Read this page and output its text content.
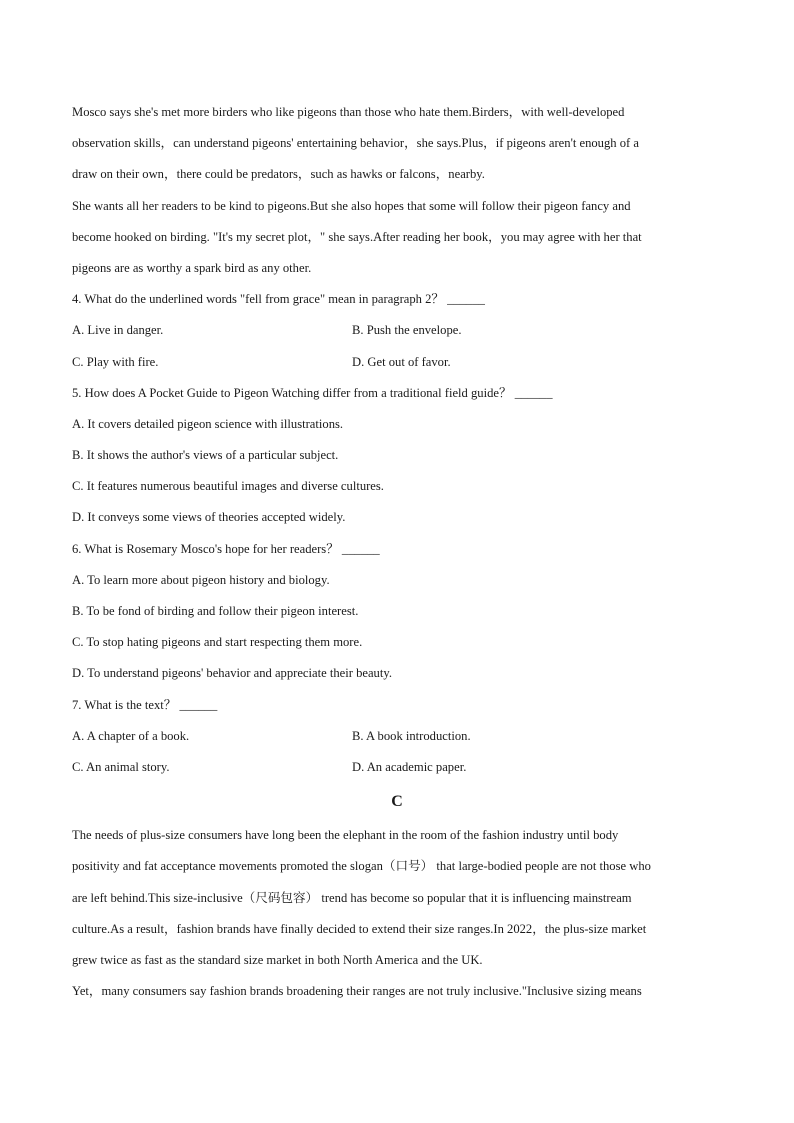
Mosco says she's met more birders who like pigeons than those who hate them.Birders，with well-developed
observation skills，can understand pigeons' entertaining behavior，she says.Plus，if pigeons aren't enough of a
draw on their own，there could be predators，such as hawks or falcons，nearby.
She wants all her readers to be kind to pigeons.But she also hopes that some will follow their pigeon fancy and
become hooked on birding. "It's my secret plot，" she says.After reading her book，you may agree with her that
pigeons are as worthy a spark bird as any other.
4. What do the underlined words "fell from grace" mean in paragraph 2？ ______
A. Live in danger.	B. Push the envelope.
C. Play with fire.	D. Get out of favor.
5. How does A Pocket Guide to Pigeon Watching differ from a traditional field guide？ ______
A. It covers detailed pigeon science with illustrations.
B. It shows the author's views of a particular subject.
C. It features numerous beautiful images and diverse cultures.
D. It conveys some views of theories accepted widely.
6. What is Rosemary Mosco's hope for her readers？ ______
A. To learn more about pigeon history and biology.
B. To be fond of birding and follow their pigeon interest.
C. To stop hating pigeons and start respecting them more.
D. To understand pigeons' behavior and appreciate their beauty.
7. What is the text？ ______
A. A chapter of a book.	B. A book introduction.
C. An animal story.	D. An academic paper.
C
The needs of plus-size consumers have long been the elephant in the room of the fashion industry until body
positivity and fat acceptance movements promoted the slogan（口号） that large-bodied people are not those who
are left behind.This size-inclusive（尺码包容） trend has become so popular that it is influencing mainstream
culture.As a result，fashion brands have finally decided to extend their size ranges.In 2022，the plus-size market
grew twice as fast as the standard size market in both North America and the UK.
Yet，many consumers say fashion brands broadening their ranges are not truly inclusive."Inclusive sizing means
